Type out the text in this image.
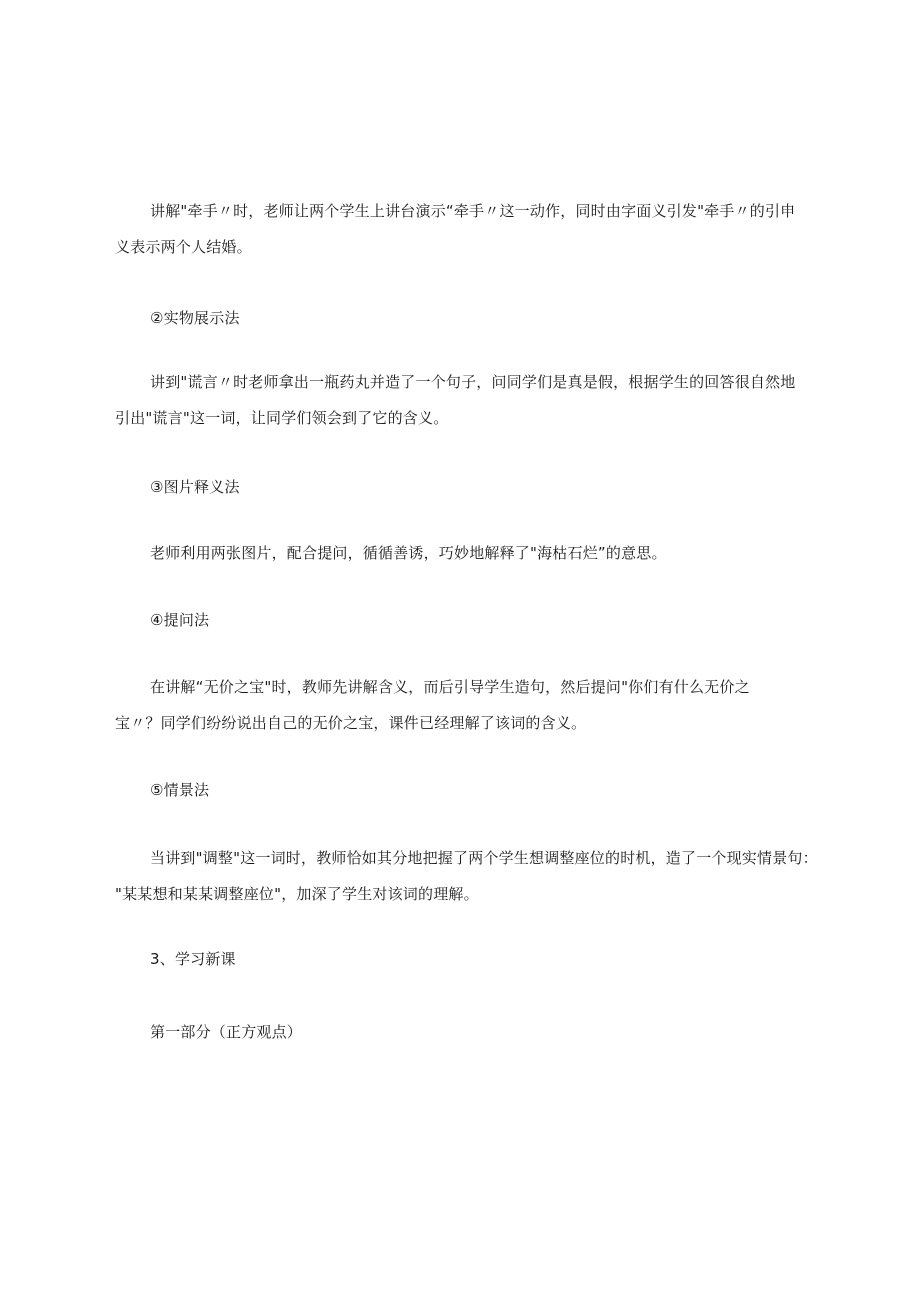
讲解"牵手〃时，老师让两个学生上讲台演示“牵手〃这一动作，同时由字面义引发"牵手〃的引申
义表示两个人结婚。
②实物展示法
讲到"谎言〃时老师拿出一瓶药丸并造了一个句子，问同学们是真是假，根据学生的回答很自然地
引出"谎言"这一词，让同学们领会到了它的含义。
③图片释义法
老师利用两张图片，配合提问，循循善诱，巧妙地解释了"海枯石烂”的意思。
④提问法
在讲解“无价之宝"时，教师先讲解含义，而后引导学生造句，然后提问"你们有什么无价之
宝〃？同学们纷纷说出自己的无价之宝，课件已经理解了该词的含义。
⑤情景法
当讲到"调整"这一词时，教师恰如其分地把握了两个学生想调整座位的时机，造了一个现实情景句：
"某某想和某某调整座位"，加深了学生对该词的理解。
3、学习新课
第一部分（正方观点）
